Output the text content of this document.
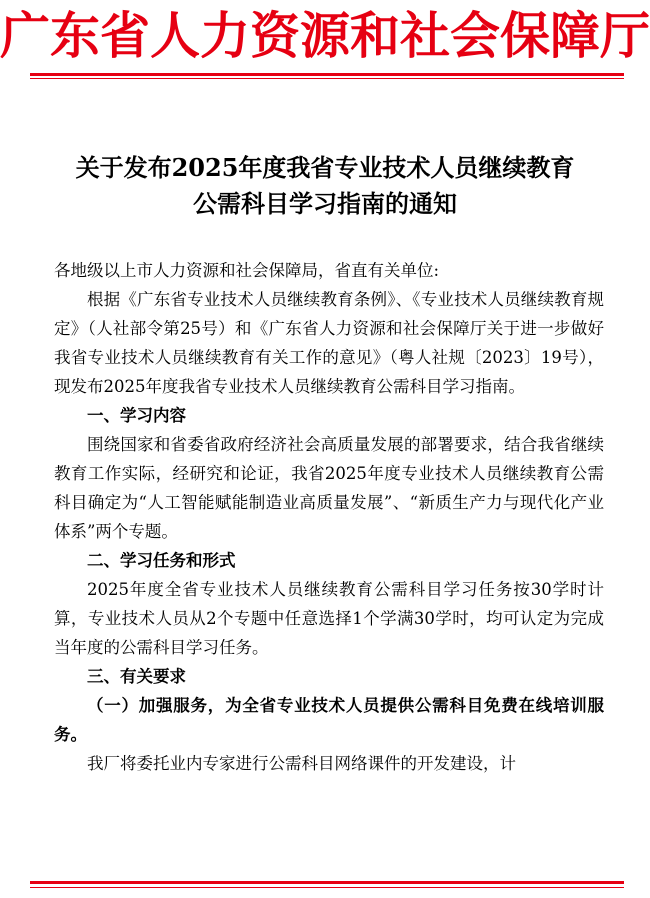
广东省人力资源和社会保障厅
关于发布2025年度我省专业技术人员继续教育
公需科目学习指南的通知

各地级以上市人力资源和社会保障局，省直有关单位:

根据《广东省专业技术人员继续教育条例》、《专业技术人员继续教育规定》（人社部令第25号）和《广东省人力资源和社会保障厅关于进一步做好我省专业技术人员继续教育有关工作的意见》（粤人社规〔2023〕19号），现发布2025年度我省专业技术人员继续教育公需科目学习指南。

一、学习内容

围绕国家和省委省政府经济社会高质量发展的部署要求，结合我省继续教育工作实际，经研究和论证，我省2025年度专业技术人员继续教育公需科目确定为“人工智能赋能制造业高质量发展”、“新质生产力与现代化产业体系”两个专题。

二、学习任务和形式

2025年度全省专业技术人员继续教育公需科目学习任务按30学时计算，专业技术人员从2个专题中任意选择1个学满30学时，均可认定为完成当年度的公需科目学习任务。

三、有关要求

（一）加强服务，为全省专业技术人员提供公需科目免费在线培训服务。

我厂将委托业内专家进行公需科目网络课件的开发建设，计
